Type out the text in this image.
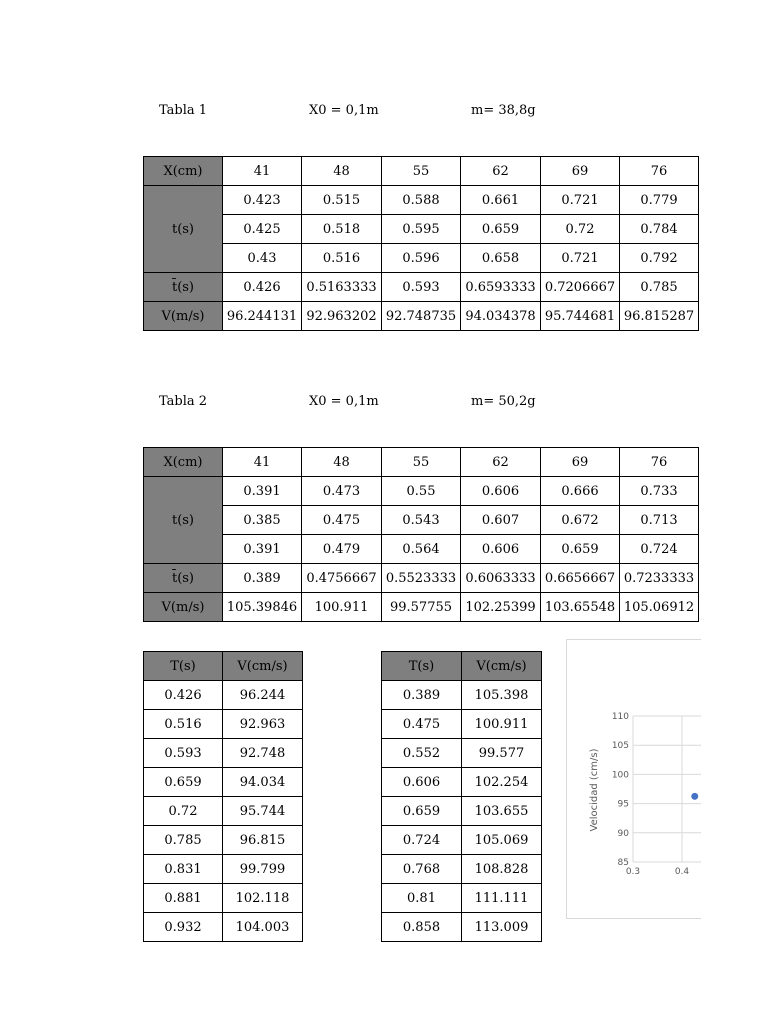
Tabla 1	X0 = 0,1m	m= 38,8g
X(cm)	41	48	55	62	69	76
t(s)	0.423	0.515	0.588	0.661	0.721	0.779
	0.425	0.518	0.595	0.659	0.72	0.784
	0.43	0.516	0.596	0.658	0.721	0.792
t̄(s)	0.426	0.5163333	0.593	0.6593333	0.7206667	0.785
V(m/s)	96.244131	92.963202	92.748735	94.034378	95.744681	96.815287
Tabla 2	X0 = 0,1m	m= 50,2g
X(cm)	41	48	55	62	69	76
t(s)	0.391	0.473	0.55	0.606	0.666	0.733
	0.385	0.475	0.543	0.607	0.672	0.713
	0.391	0.479	0.564	0.606	0.659	0.724
t̄(s)	0.389	0.4756667	0.5523333	0.6063333	0.6656667	0.7233333
V(m/s)	105.39846	100.911	99.57755	102.25399	103.65548	105.06912
T(s)	V(cm/s)
0.426	96.244
0.516	92.963
0.593	92.748
0.659	94.034
0.72	95.744
0.785	96.815
0.831	99.799
0.881	102.118
0.932	104.003
T(s)	V(cm/s)
0.389	105.398
0.475	100.911
0.552	99.577
0.606	102.254
0.659	103.655
0.724	105.069
0.768	108.828
0.81	111.111
0.858	113.009
110
105
100
95
90
85
0.3	0.4
Velocidad (cm/s)
